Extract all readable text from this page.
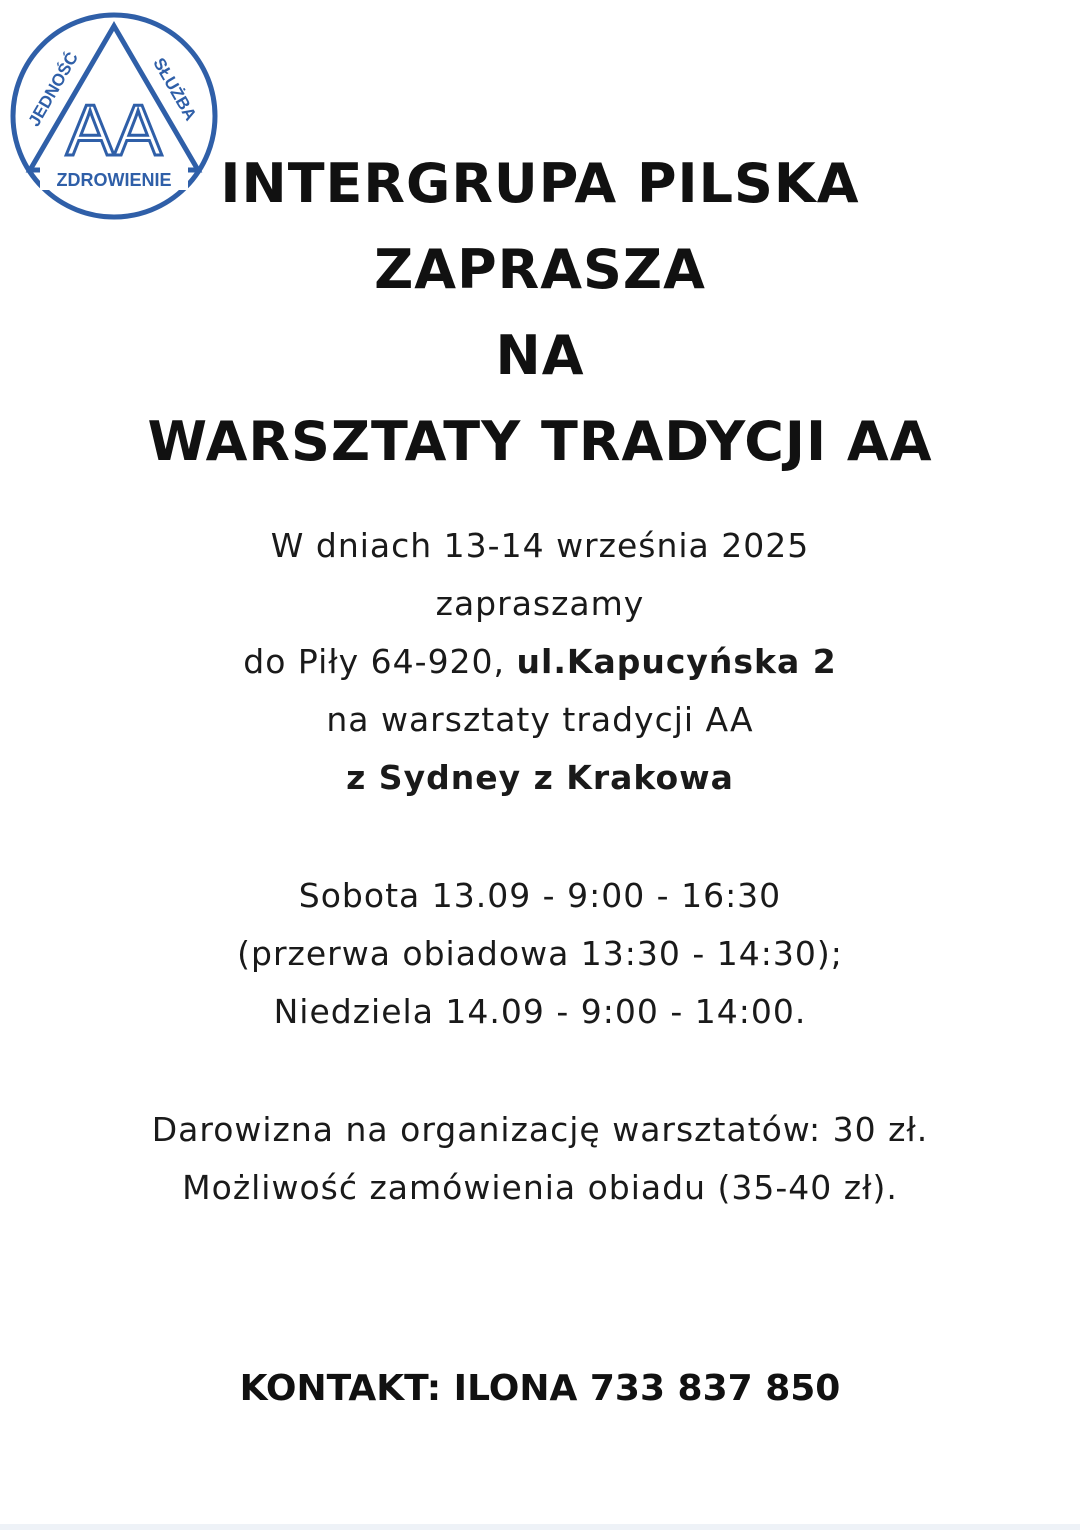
AA
ZDROWIENIE
JEDNOŚĆ	SŁUŻBA
INTERGRUPA PILSKA
ZAPRASZA
NA
WARSZTATY TRADYCJI AA
W dniach 13-14 września 2025
zapraszamy
do Piły 64-920, ul.Kapucyńska 2
na warsztaty tradycji AA
z Sydney z Krakowa
Sobota 13.09 - 9:00 - 16:30
(przerwa obiadowa 13:30 - 14:30);
Niedziela 14.09 - 9:00 - 14:00.
Darowizna na organizację warsztatów: 30 zł.
Możliwość zamówienia obiadu (35-40 zł).
KONTAKT: ILONA 733 837 850
